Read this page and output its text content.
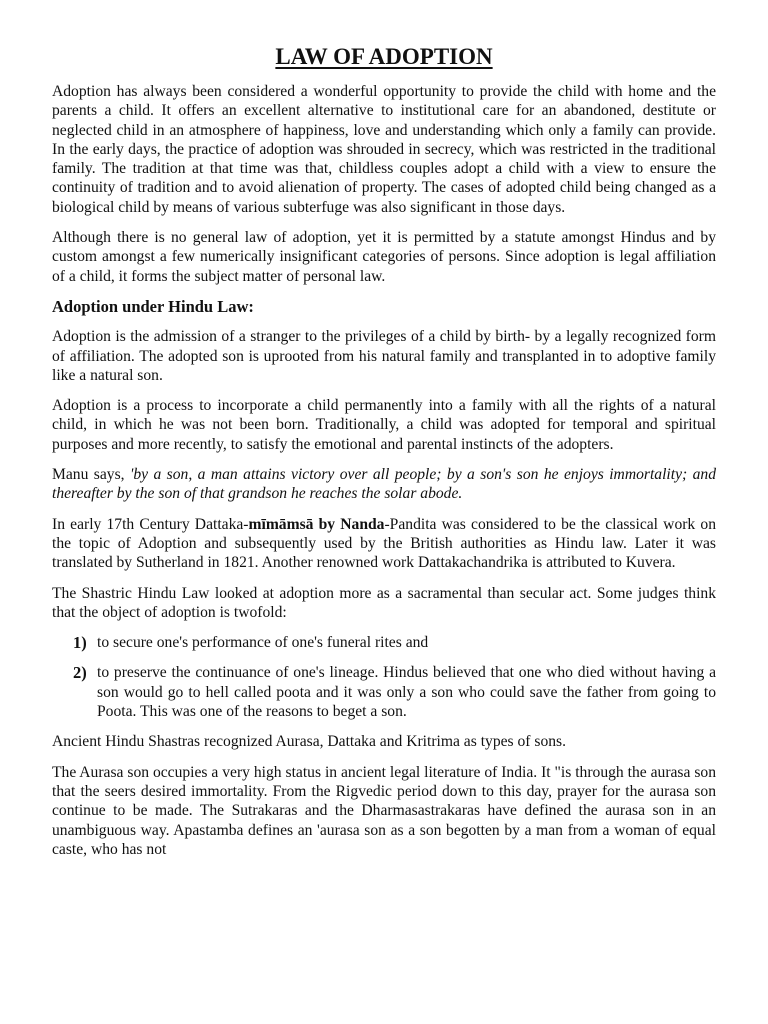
LAW OF ADOPTION

Adoption has always been considered a wonderful opportunity to provide the child with home and the parents a child. It offers an excellent alternative to institutional care for an abandoned, destitute or neglected child in an atmosphere of happiness, love and understanding which only a family can provide. In the early days, the practice of adoption was shrouded in secrecy, which was restricted in the traditional family. The tradition at that time was that, childless couples adopt a child with a view to ensure the continuity of tradition and to avoid alienation of property. The cases of adopted child being changed as a biological child by means of various subterfuge was also significant in those days.

Although there is no general law of adoption, yet it is permitted by a statute amongst Hindus and by custom amongst a few numerically insignificant categories of persons. Since adoption is legal affiliation of a child, it forms the subject matter of personal law.

Adoption under Hindu Law:

Adoption is the admission of a stranger to the privileges of a child by birth- by a legally recognized form of affiliation. The adopted son is uprooted from his natural family and transplanted in to adoptive family like a natural son.

Adoption is a process to incorporate a child permanently into a family with all the rights of a natural child, in which he was not been born. Traditionally, a child was adopted for temporal and spiritual purposes and more recently, to satisfy the emotional and parental instincts of the adopters.

Manu says, 'by a son, a man attains victory over all people; by a son's son he enjoys immortality; and thereafter by the son of that grandson he reaches the solar abode.

In early 17th Century Dattaka-mīmāmsā by Nanda-Pandita was considered to be the classical work on the topic of Adoption and subsequently used by the British authorities as Hindu law. Later it was translated by Sutherland in 1821. Another renowned work Dattakachandrika is attributed to Kuvera.

The Shastric Hindu Law looked at adoption more as a sacramental than secular act. Some judges think that the object of adoption is twofold:

1) to secure one's performance of one's funeral rites and
2) to preserve the continuance of one's lineage. Hindus believed that one who died without having a son would go to hell called poota and it was only a son who could save the father from going to Poota. This was one of the reasons to beget a son.

Ancient Hindu Shastras recognized Aurasa, Dattaka and Kritrima as types of sons.

The Aurasa son occupies a very high status in ancient legal literature of India. It "is through the aurasa son that the seers desired immortality. From the Rigvedic period down to this day, prayer for the aurasa son continue to be made. The Sutrakaras and the Dharmasastrakaras have defined the aurasa son in an unambiguous way. Apastamba defines an 'aurasa son as a son begotten by a man from a woman of equal caste, who has not
